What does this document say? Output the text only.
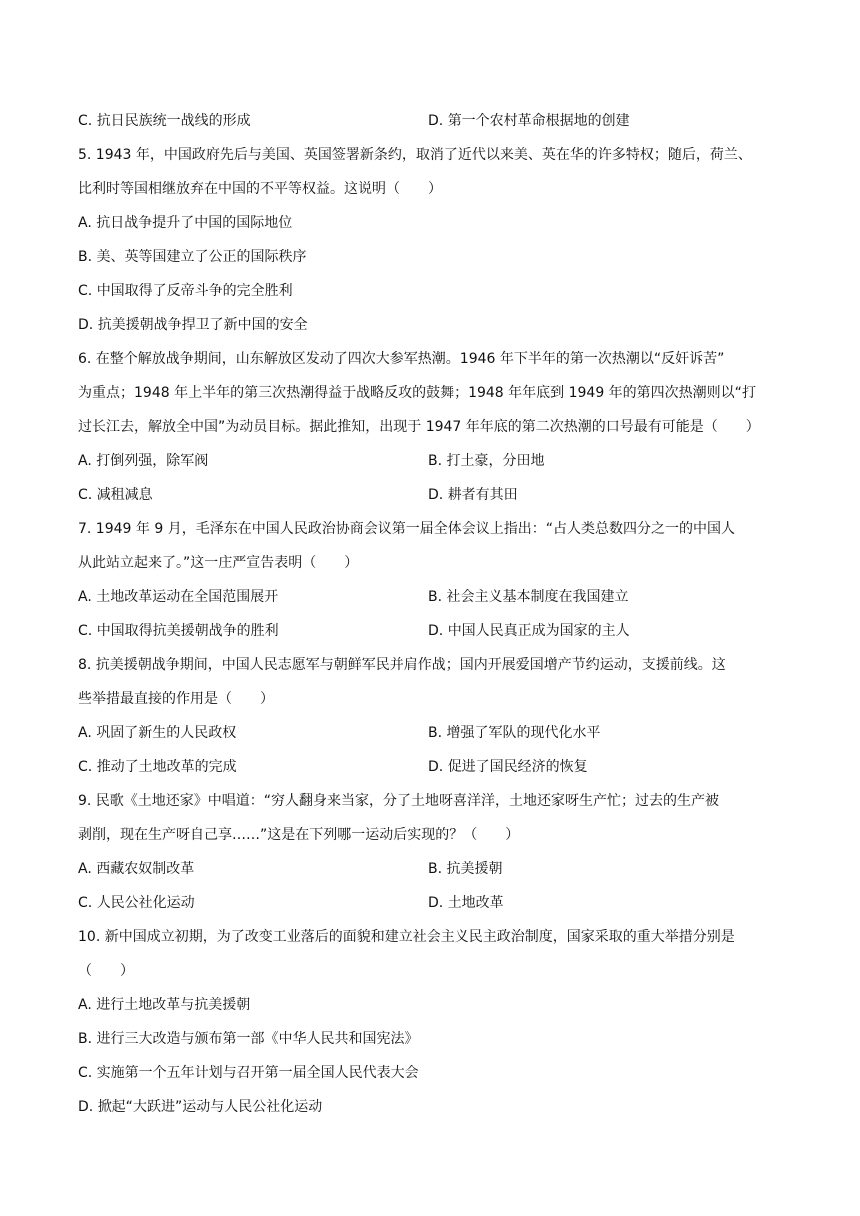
C. 抗日民族统一战线的形成	D. 第一个农村革命根据地的创建
5. 1943 年，中国政府先后与美国、英国签署新条约，取消了近代以来美、英在华的许多特权；随后，荷兰、
比利时等国相继放弃在中国的不平等权益。这说明（　　）
A. 抗日战争提升了中国的国际地位
B. 美、英等国建立了公正的国际秩序
C. 中国取得了反帝斗争的完全胜利
D. 抗美援朝战争捍卫了新中国的安全
6. 在整个解放战争期间，山东解放区发动了四次大参军热潮。1946 年下半年的第一次热潮以“反奸诉苦”
为重点；1948 年上半年的第三次热潮得益于战略反攻的鼓舞；1948 年年底到 1949 年的第四次热潮则以“打
过长江去，解放全中国”为动员目标。据此推知，出现于 1947 年年底的第二次热潮的口号最有可能是（　　）
A. 打倒列强，除军阀	B. 打土豪，分田地
C. 减租减息	D. 耕者有其田
7. 1949 年 9 月，毛泽东在中国人民政治协商会议第一届全体会议上指出：“占人类总数四分之一的中国人
从此站立起来了。”这一庄严宣告表明（　　）
A. 土地改革运动在全国范围展开	B. 社会主义基本制度在我国建立
C. 中国取得抗美援朝战争的胜利	D. 中国人民真正成为国家的主人
8. 抗美援朝战争期间，中国人民志愿军与朝鲜军民并肩作战；国内开展爱国增产节约运动，支援前线。这
些举措最直接的作用是（　　）
A. 巩固了新生的人民政权	B. 增强了军队的现代化水平
C. 推动了土地改革的完成	D. 促进了国民经济的恢复
9. 民歌《土地还家》中唱道：“穷人翻身来当家，分了土地呀喜洋洋，土地还家呀生产忙；过去的生产被
剥削，现在生产呀自己享……”这是在下列哪一运动后实现的？（　　）
A. 西藏农奴制改革	B. 抗美援朝
C. 人民公社化运动	D. 土地改革
10. 新中国成立初期，为了改变工业落后的面貌和建立社会主义民主政治制度，国家采取的重大举措分别是
（　　）
A. 进行土地改革与抗美援朝
B. 进行三大改造与颁布第一部《中华人民共和国宪法》
C. 实施第一个五年计划与召开第一届全国人民代表大会
D. 掀起“大跃进”运动与人民公社化运动
